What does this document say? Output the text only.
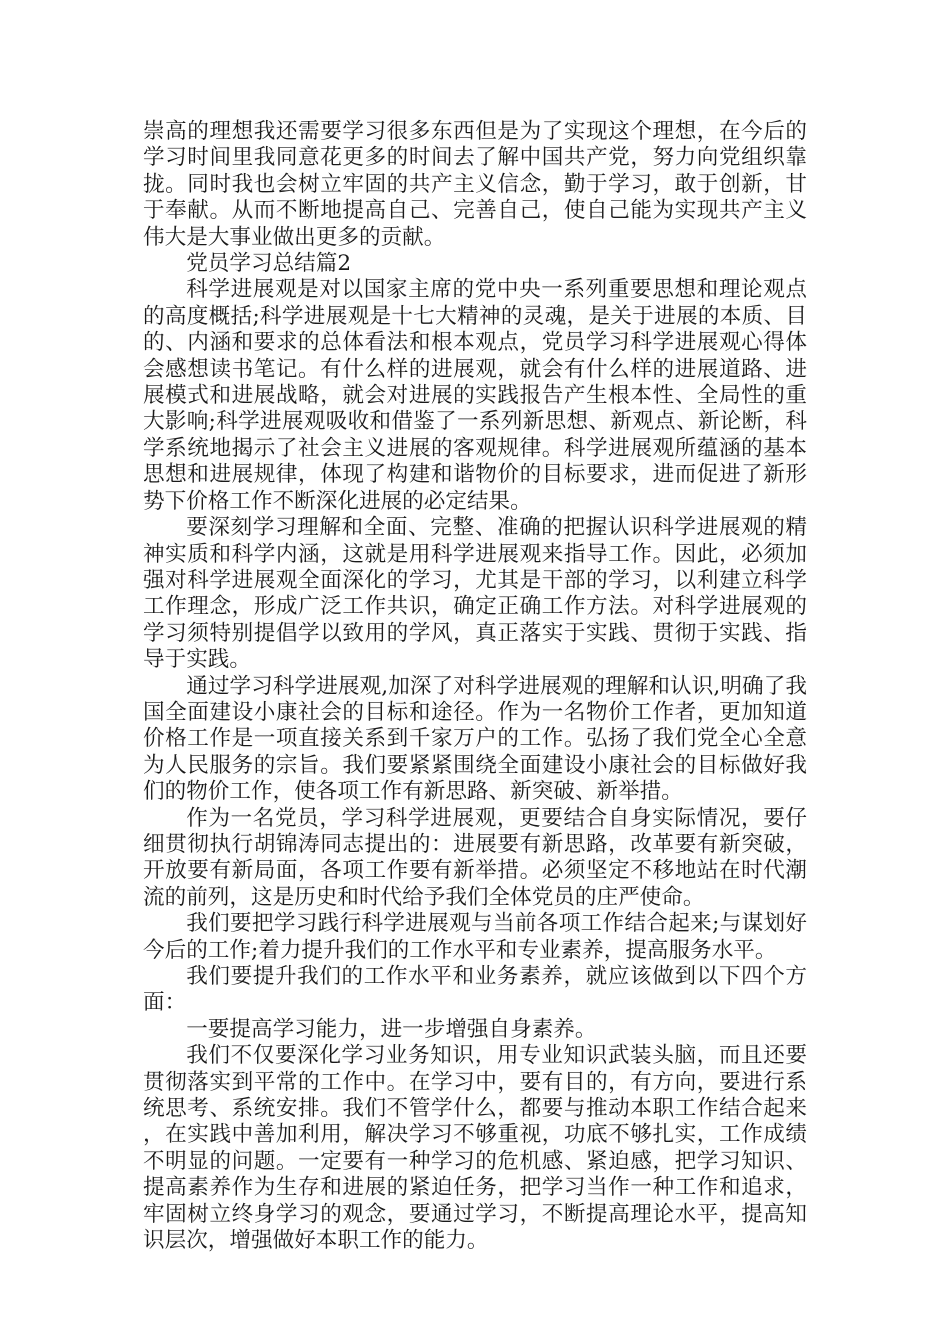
崇高的理想我还需要学习很多东西但是为了实现这个理想，在今后的学习时间里我同意花更多的时间去了解中国共产党，努力向党组织靠拢。同时我也会树立牢固的共产主义信念，勤于学习，敢于创新，甘于奉献。从而不断地提高自己、完善自己，使自己能为实现共产主义伟大是大事业做出更多的贡献。

党员学习总结篇2

科学进展观是对以国家主席的党中央一系列重要思想和理论观点的高度概括;科学进展观是十七大精神的灵魂，是关于进展的本质、目的、内涵和要求的总体看法和根本观点，党员学习科学进展观心得体会感想读书笔记。有什么样的进展观，就会有什么样的进展道路、进展模式和进展战略，就会对进展的实践报告产生根本性、全局性的重大影响;科学进展观吸收和借鉴了一系列新思想、新观点、新论断，科学系统地揭示了社会主义进展的客观规律。科学进展观所蕴涵的基本思想和进展规律，体现了构建和谐物价的目标要求，进而促进了新形势下价格工作不断深化进展的必定结果。

要深刻学习理解和全面、完整、准确的把握认识科学进展观的精神实质和科学内涵，这就是用科学进展观来指导工作。因此，必须加强对科学进展观全面深化的学习，尤其是干部的学习，以利建立科学工作理念，形成广泛工作共识，确定正确工作方法。对科学进展观的学习须特别提倡学以致用的学风，真正落实于实践、贯彻于实践、指导于实践。

通过学习科学进展观,加深了对科学进展观的理解和认识,明确了我国全面建设小康社会的目标和途径。作为一名物价工作者，更加知道价格工作是一项直接关系到千家万户的工作。弘扬了我们党全心全意为人民服务的宗旨。我们要紧紧围绕全面建设小康社会的目标做好我们的物价工作，使各项工作有新思路、新突破、新举措。

作为一名党员，学习科学进展观，更要结合自身实际情况，要仔细贯彻执行胡锦涛同志提出的：进展要有新思路，改革要有新突破，开放要有新局面，各项工作要有新举措。必须坚定不移地站在时代潮流的前列，这是历史和时代给予我们全体党员的庄严使命。

我们要把学习践行科学进展观与当前各项工作结合起来;与谋划好今后的工作;着力提升我们的工作水平和专业素养，提高服务水平。

我们要提升我们的工作水平和业务素养，就应该做到以下四个方面：

一要提高学习能力，进一步增强自身素养。

我们不仅要深化学习业务知识，用专业知识武装头脑，而且还要贯彻落实到平常的工作中。在学习中，要有目的，有方向，要进行系统思考、系统安排。我们不管学什么，都要与推动本职工作结合起来，在实践中善加利用，解决学习不够重视，功底不够扎实，工作成绩不明显的问题。一定要有一种学习的危机感、紧迫感，把学习知识、提高素养作为生存和进展的紧迫任务，把学习当作一种工作和追求，牢固树立终身学习的观念，要通过学习，不断提高理论水平，提高知识层次，增强做好本职工作的能力。
